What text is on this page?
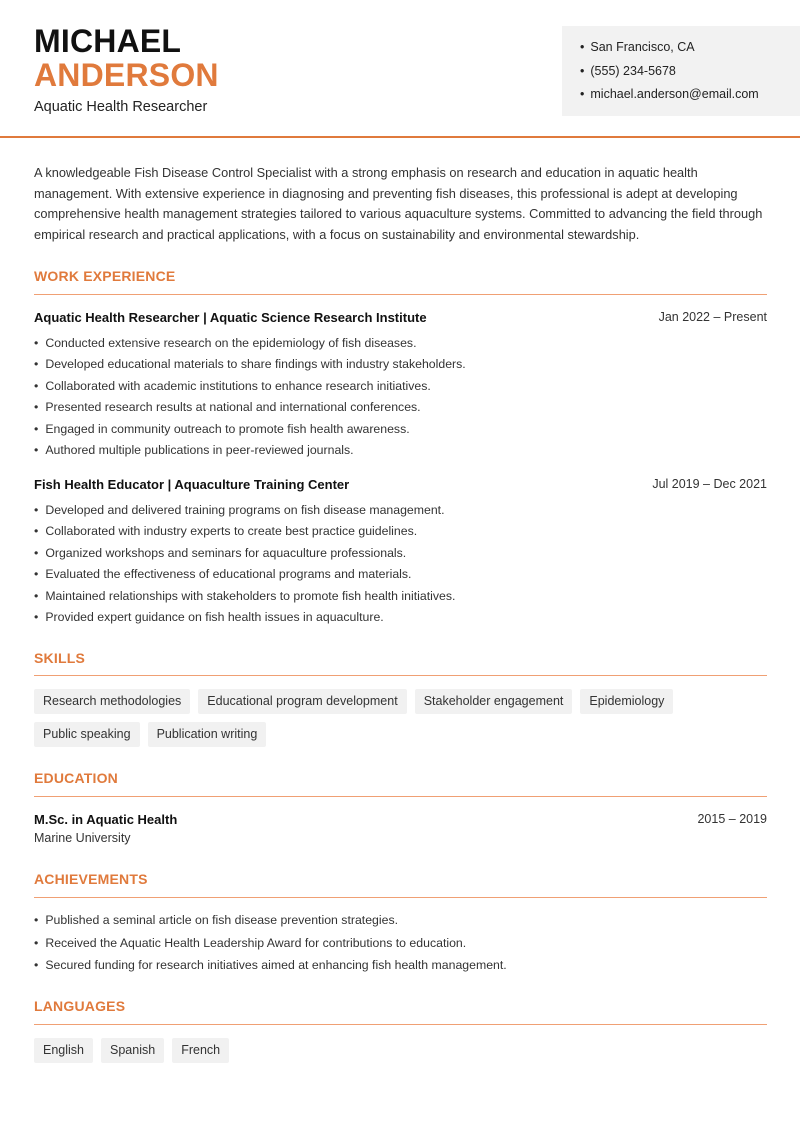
MICHAEL
ANDERSON
Aquatic Health Researcher
• San Francisco, CA
• (555) 234-5678
• michael.anderson@email.com

A knowledgeable Fish Disease Control Specialist with a strong emphasis on research and education in aquatic health management. With extensive experience in diagnosing and preventing fish diseases, this professional is adept at developing comprehensive health management strategies tailored to various aquaculture systems. Committed to advancing the field through empirical research and practical applications, with a focus on sustainability and environmental stewardship.

WORK EXPERIENCE
Aquatic Health Researcher | Aquatic Science Research Institute	Jan 2022 – Present
• Conducted extensive research on the epidemiology of fish diseases.
• Developed educational materials to share findings with industry stakeholders.
• Collaborated with academic institutions to enhance research initiatives.
• Presented research results at national and international conferences.
• Engaged in community outreach to promote fish health awareness.
• Authored multiple publications in peer-reviewed journals.
Fish Health Educator | Aquaculture Training Center	Jul 2019 – Dec 2021
• Developed and delivered training programs on fish disease management.
• Collaborated with industry experts to create best practice guidelines.
• Organized workshops and seminars for aquaculture professionals.
• Evaluated the effectiveness of educational programs and materials.
• Maintained relationships with stakeholders to promote fish health initiatives.
• Provided expert guidance on fish health issues in aquaculture.
SKILLS
Research methodologies	Educational program development	Stakeholder engagement	Epidemiology
Public speaking	Publication writing
EDUCATION
M.Sc. in Aquatic Health	2015 – 2019
Marine University
ACHIEVEMENTS
• Published a seminal article on fish disease prevention strategies.
• Received the Aquatic Health Leadership Award for contributions to education.
• Secured funding for research initiatives aimed at enhancing fish health management.
LANGUAGES
English	Spanish	French
